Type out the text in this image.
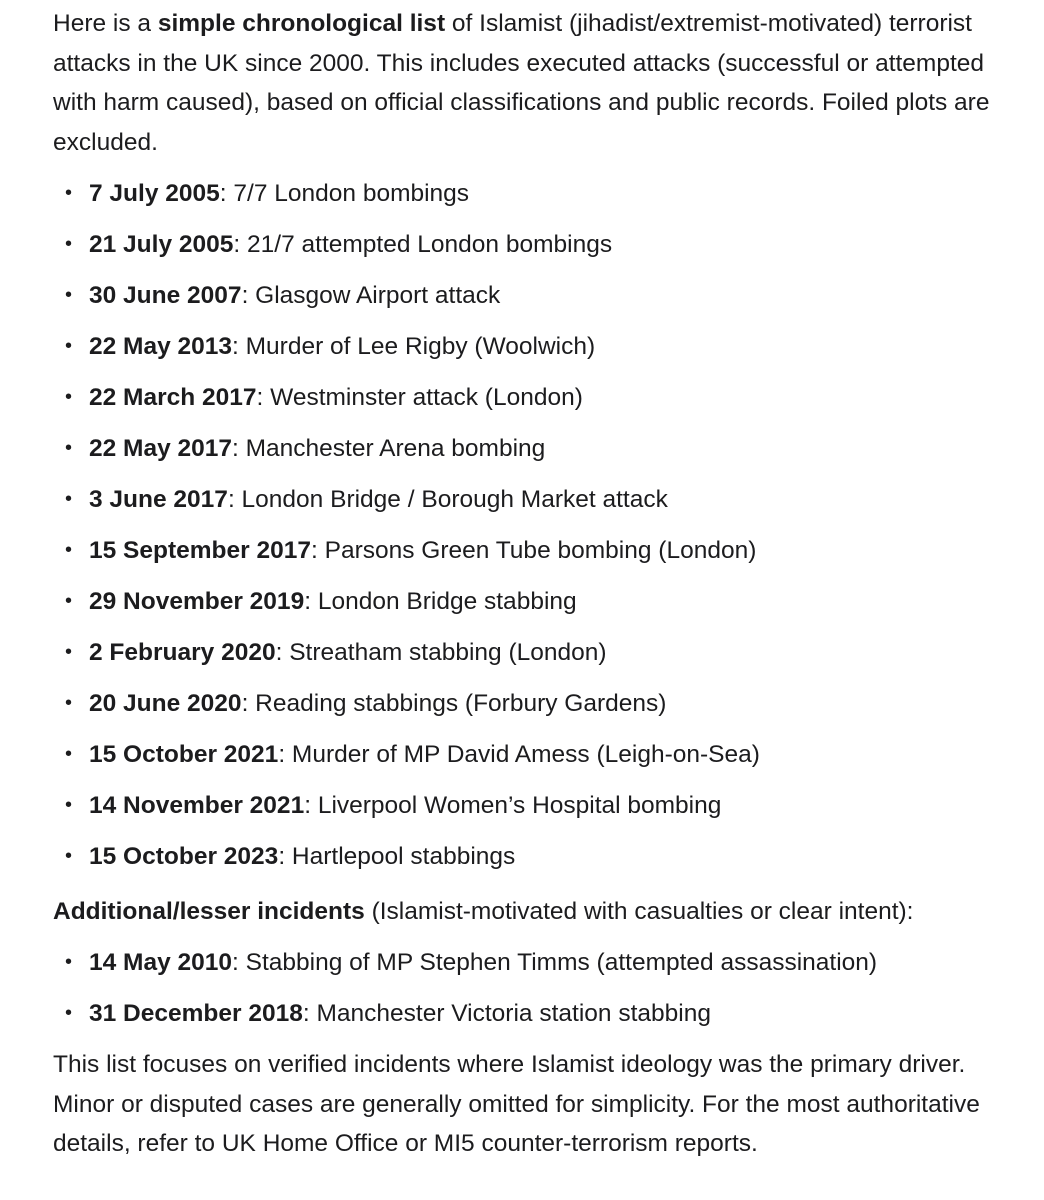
Here is a simple chronological list of Islamist (jihadist/extremist-motivated) terrorist attacks in the UK since 2000. This includes executed attacks (successful or attempted with harm caused), based on official classifications and public records. Foiled plots are excluded.

• 7 July 2005: 7/7 London bombings
• 21 July 2005: 21/7 attempted London bombings
• 30 June 2007: Glasgow Airport attack
• 22 May 2013: Murder of Lee Rigby (Woolwich)
• 22 March 2017: Westminster attack (London)
• 22 May 2017: Manchester Arena bombing
• 3 June 2017: London Bridge / Borough Market attack
• 15 September 2017: Parsons Green Tube bombing (London)
• 29 November 2019: London Bridge stabbing
• 2 February 2020: Streatham stabbing (London)
• 20 June 2020: Reading stabbings (Forbury Gardens)
• 15 October 2021: Murder of MP David Amess (Leigh-on-Sea)
• 14 November 2021: Liverpool Women’s Hospital bombing
• 15 October 2023: Hartlepool stabbings

Additional/lesser incidents (Islamist-motivated with casualties or clear intent):

• 14 May 2010: Stabbing of MP Stephen Timms (attempted assassination)
• 31 December 2018: Manchester Victoria station stabbing

This list focuses on verified incidents where Islamist ideology was the primary driver. Minor or disputed cases are generally omitted for simplicity. For the most authoritative details, refer to UK Home Office or MI5 counter-terrorism reports.
